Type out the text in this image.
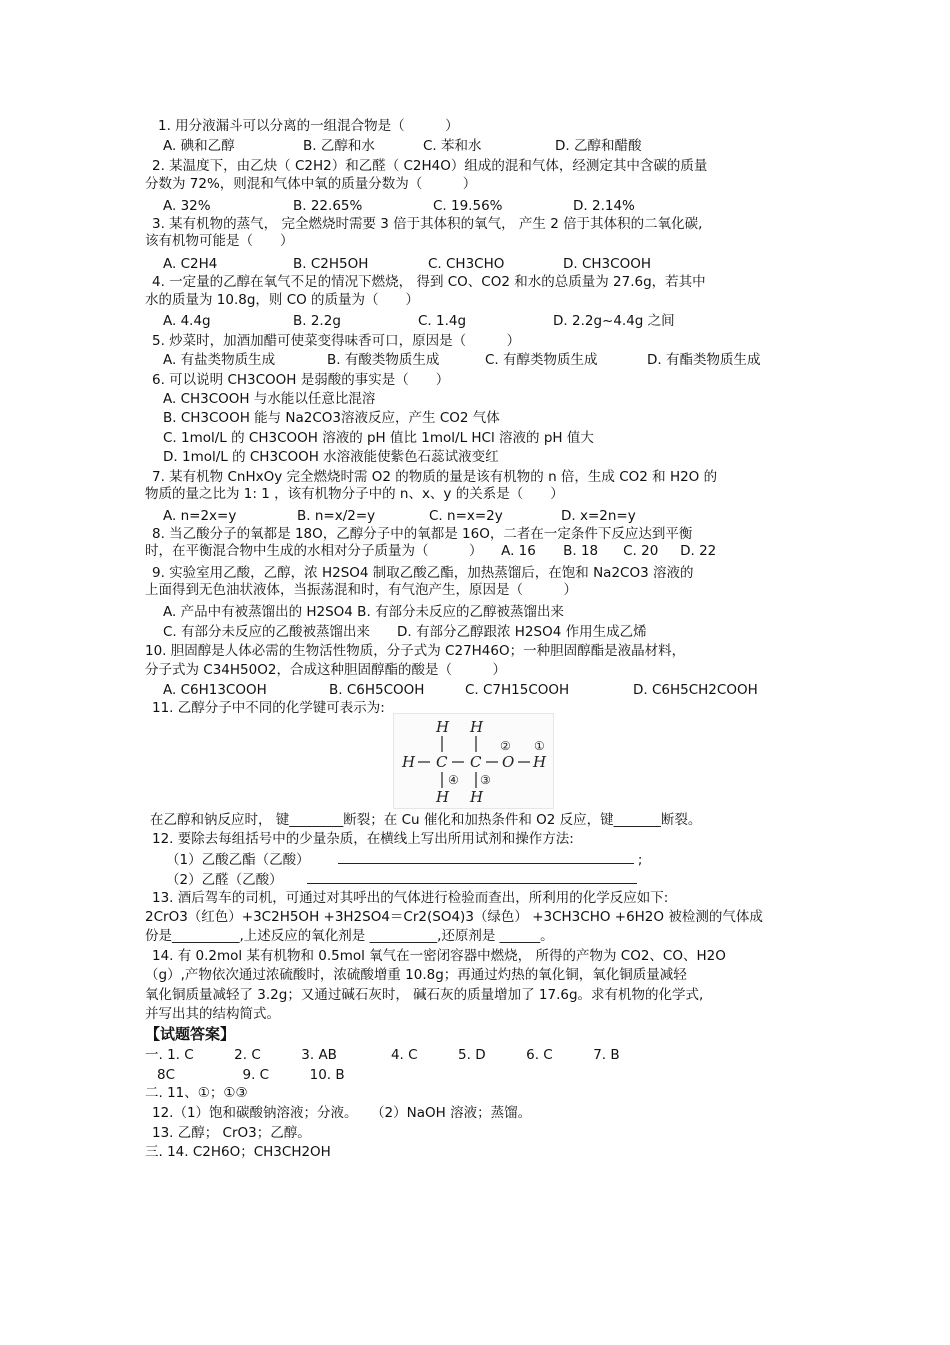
1. 用分液漏斗可以分离的一组混合物是（　　　）
A. 碘和乙醇	B. 乙醇和水	C. 苯和水	D. 乙醇和醋酸
2. 某温度下，由乙炔（ C2H2）和乙醛（ C2H4O）组成的混和气体，经测定其中含碳的质量
分数为 72%，则混和气体中氧的质量分数为（　　　）
A. 32%	B. 22.65%	C. 19.56%	D. 2.14%
3. 某有机物的蒸气， 完全燃烧时需要 3 倍于其体积的氧气， 产生 2 倍于其体积的二氧化碳,
该有机物可能是（　　）
A. C2H4	B. C2H5OH	C. CH3CHO	D. CH3COOH
4. 一定量的乙醇在氧气不足的情况下燃烧， 得到 CO、CO2 和水的总质量为 27.6g，若其中
水的质量为 10.8g，则 CO 的质量为（　　）
A. 4.4g	B. 2.2g	C. 1.4g	D. 2.2g~4.4g 之间
5. 炒菜时，加酒加醋可使菜变得味香可口，原因是（　　　）
A. 有盐类物质生成	B. 有酸类物质生成	C. 有醇类物质生成	D. 有酯类物质生成
6. 可以说明 CH3COOH 是弱酸的事实是（　　）
A. CH3COOH 与水能以任意比混溶
B. CH3COOH 能与 Na2CO3溶液反应，产生 CO2 气体
C. 1mol/L 的 CH3COOH 溶液的 pH 值比 1mol/L HCl 溶液的 pH 值大
D. 1mol/L 的 CH3COOH 水溶液能使紫色石蕊试液变红
7. 某有机物 CnHxOy 完全燃烧时需 O2 的物质的量是该有机物的 n 倍，生成 CO2 和 H2O 的
物质的量之比为 1: 1 ，该有机物分子中的 n、x、y 的关系是（　　）
A. n=2x=y	B. n=x/2=y	C. n=x=2y	D. x=2n=y
8. 当乙酸分子的氧都是 18O，乙醇分子中的氧都是 16O，二者在一定条件下反应达到平衡
时，在平衡混合物中生成的水相对分子质量为（　　　） A. 16 B. 18 C. 20 D. 22
9. 实验室用乙酸，乙醇，浓 H2SO4 制取乙酸乙酯，加热蒸馏后，在饱和 Na2CO3 溶液的
上面得到无色油状液体，当振荡混和时，有气泡产生，原因是（　　　）
A. 产品中有被蒸馏出的 H2SO4 B. 有部分未反应的乙醇被蒸馏出来
C. 有部分未反应的乙酸被蒸馏出来　　D. 有部分乙醇跟浓 H2SO4 作用生成乙烯
10. 胆固醇是人体必需的生物活性物质，分子式为 C27H46O；一种胆固醇酯是液晶材料，
分子式为 C34H50O2，合成这种胆固醇酯的酸是（　　　）
A. C6H13COOH	B. C6H5COOH	C. C7H15COOH	D. C6H5CH2COOH
11. 乙醇分子中不同的化学键可表示为:
H H
H C C O H
H H
①
②
③
④
在乙醇和钠反应时， 键________断裂；在 Cu 催化和加热条件和 O2 反应，键_______断裂。
12. 要除去每组括号中的少量杂质，在横线上写出所用试剂和操作方法:
（1）乙酸乙酯（乙酸）	;
（2）乙醛（乙酸）
13. 酒后驾车的司机，可通过对其呼出的气体进行检验而查出，所利用的化学反应如下:
2CrO3（红色）+3C2H5OH +3H2SO4＝Cr2(SO4)3（绿色） +3CH3CHO +6H2O 被检测的气体成
份是__________,上述反应的氧化剂是 __________,还原剂是 ______。
14. 有 0.2mol 某有机物和 0.5mol 氧气在一密闭容器中燃烧， 所得的产物为 CO2、CO、H2O
（g）,产物依次通过浓硫酸时，浓硫酸增重 10.8g；再通过灼热的氧化铜，氧化铜质量减轻
氧化铜质量减轻了 3.2g；又通过碱石灰时， 碱石灰的质量增加了 17.6g。求有机物的化学式,
并写出其的结构简式。
【试题答案】
一. 1. C　　　2. C　　　3. AB　　　　4. C　　　5. D　　　6. C　　　7. B
8C　　　　　9. C　　　10. B
二. 11、①；①③
12.（1）饱和碳酸钠溶液；分液。　　（2）NaOH 溶液；蒸馏。
13. 乙醇； CrO3；乙醇。
三. 14. C2H6O；CH3CH2OH
